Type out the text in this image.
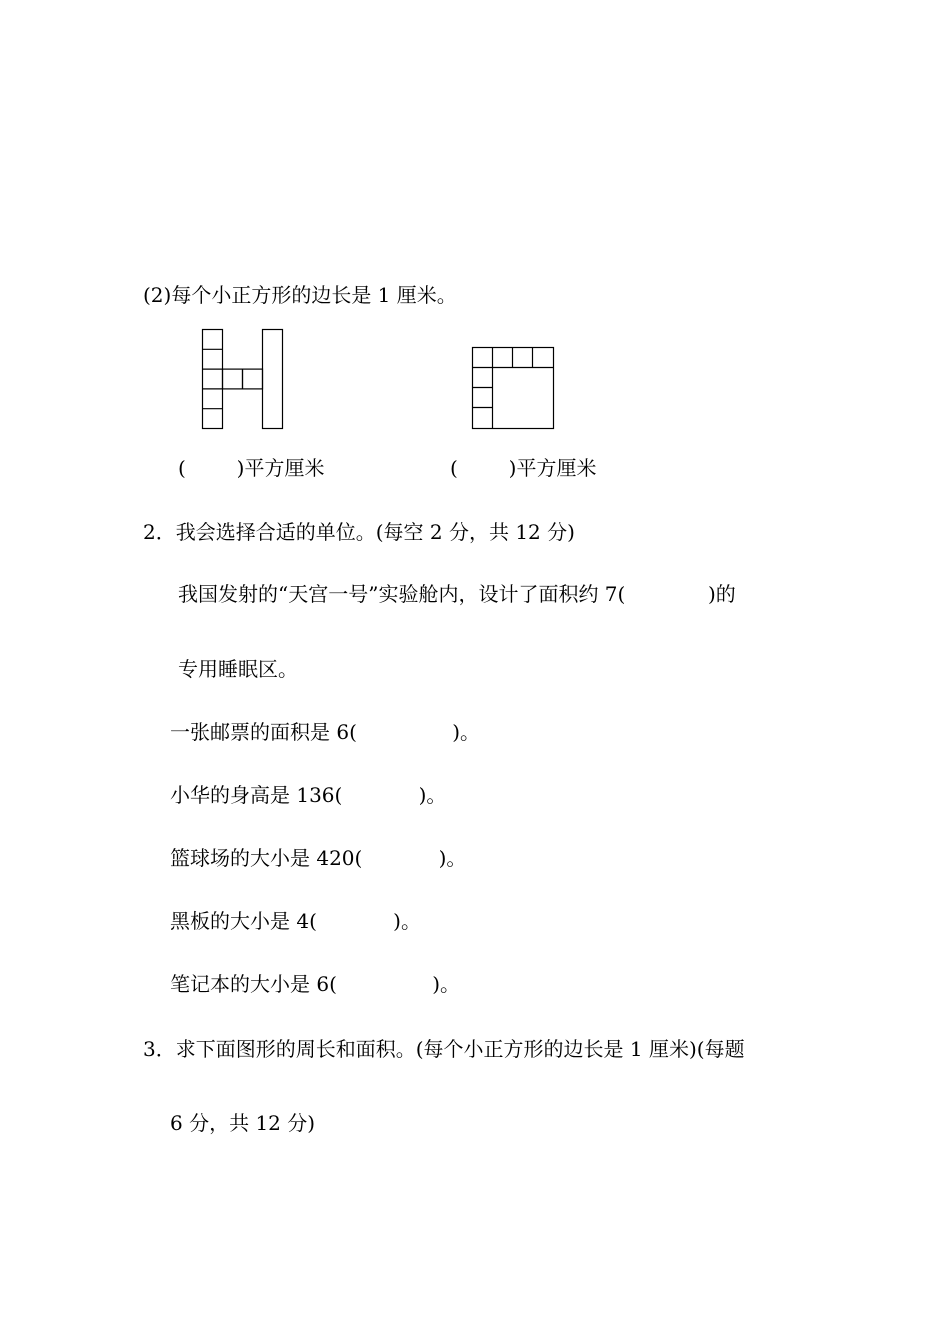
(2)每个小正方形的边长是 1 厘米。
(        )平方厘米	(        )平方厘米
2．我会选择合适的单位。(每空 2 分，共 12 分)
我国发射的“天宫一号”实验舱内，设计了面积约 7(             )的
专用睡眠区。
一张邮票的面积是 6(               )。
小华的身高是 136(            )。
篮球场的大小是 420(            )。
黑板的大小是 4(            )。
笔记本的大小是 6(               )。
3．求下面图形的周长和面积。(每个小正方形的边长是 1 厘米)(每题
6 分，共 12 分)
